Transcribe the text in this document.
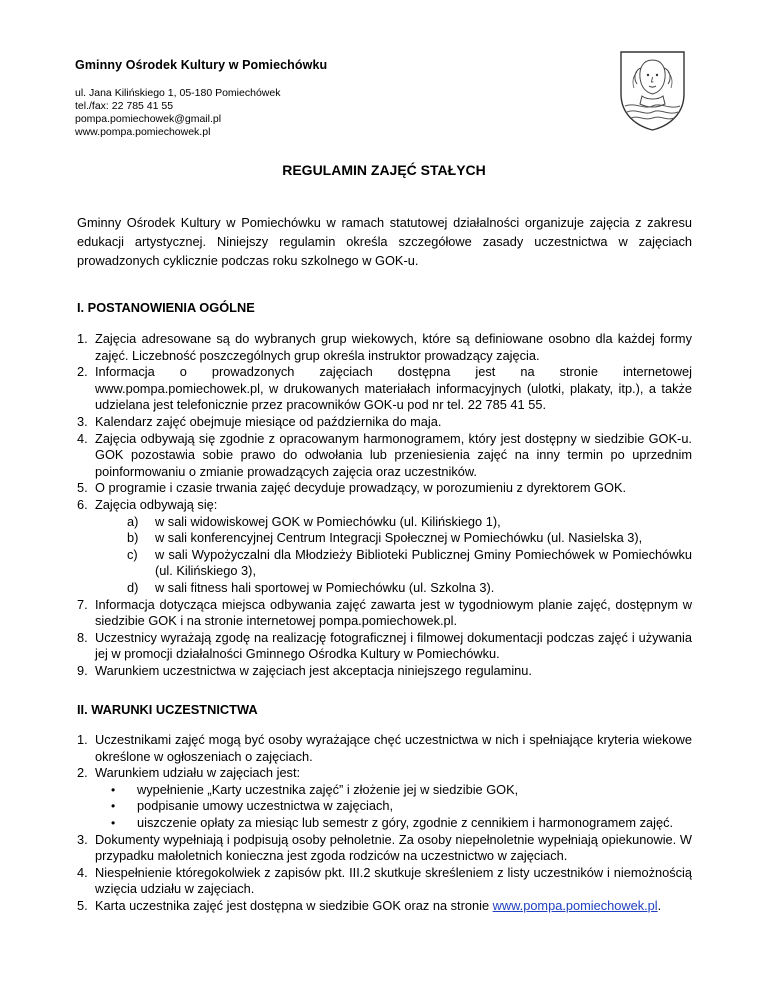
Gminny Ośrodek Kultury w Pomiechówku
ul. Jana Kilińskiego 1, 05-180 Pomiechówek
tel./fax: 22 785 41 55
pompa.pomiechowek@gmail.pl
www.pompa.pomiechowek.pl
REGULAMIN ZAJĘĆ STAŁYCH
Gminny Ośrodek Kultury w Pomiechówku w ramach statutowej działalności organizuje zajęcia z zakresu edukacji artystycznej. Niniejszy regulamin określa szczegółowe zasady uczestnictwa w zajęciach prowadzonych cyklicznie podczas roku szkolnego w GOK-u.
I. POSTANOWIENIA OGÓLNE
1. Zajęcia adresowane są do wybranych grup wiekowych, które są definiowane osobno dla każdej formy zajęć. Liczebność poszczególnych grup określa instruktor prowadzący zajęcia.
2. Informacja o prowadzonych zajęciach dostępna jest na stronie internetowej www.pompa.pomiechowek.pl, w drukowanych materiałach informacyjnych (ulotki, plakaty, itp.), a także udzielana jest telefonicznie przez pracowników GOK-u pod nr tel. 22 785 41 55.
3. Kalendarz zajęć obejmuje miesiące od października do maja.
4. Zajęcia odbywają się zgodnie z opracowanym harmonogramem, który jest dostępny w siedzibie GOK-u. GOK pozostawia sobie prawo do odwołania lub przeniesienia zajęć na inny termin po uprzednim poinformowaniu o zmianie prowadzących zajęcia oraz uczestników.
5. O programie i czasie trwania zajęć decyduje prowadzący, w porozumieniu z dyrektorem GOK.
6. Zajęcia odbywają się:
a) w sali widowiskowej GOK w Pomiechówku (ul. Kilińskiego 1),
b) w sali konferencyjnej Centrum Integracji Społecznej w Pomiechówku (ul. Nasielska 3),
c) w sali Wypożyczalni dla Młodzieży Biblioteki Publicznej Gminy Pomiechówek w Pomiechówku (ul. Kilińskiego 3),
d) w sali fitness hali sportowej w Pomiechówku (ul. Szkolna 3).
7. Informacja dotycząca miejsca odbywania zajęć zawarta jest w tygodniowym planie zajęć, dostępnym w siedzibie GOK i na stronie internetowej pompa.pomiechowek.pl.
8. Uczestnicy wyrażają zgodę na realizację fotograficznej i filmowej dokumentacji podczas zajęć i używania jej w promocji działalności Gminnego Ośrodka Kultury w Pomiechówku.
9. Warunkiem uczestnictwa w zajęciach jest akceptacja niniejszego regulaminu.
II. WARUNKI UCZESTNICTWA
1. Uczestnikami zajęć mogą być osoby wyrażające chęć uczestnictwa w nich i spełniające kryteria wiekowe określone w ogłoszeniach o zajęciach.
2. Warunkiem udziału w zajęciach jest:
• wypełnienie „Karty uczestnika zajęć” i złożenie jej w siedzibie GOK,
• podpisanie umowy uczestnictwa w zajęciach,
• uiszczenie opłaty za miesiąc lub semestr z góry, zgodnie z cennikiem i harmonogramem zajęć.
3. Dokumenty wypełniają i podpisują osoby pełnoletnie. Za osoby niepełnoletnie wypełniają opiekunowie. W przypadku małoletnich konieczna jest zgoda rodziców na uczestnictwo w zajęciach.
4. Niespełnienie któregokolwiek z zapisów pkt. III.2 skutkuje skreśleniem z listy uczestników i niemożnością wzięcia udziału w zajęciach.
5. Karta uczestnika zajęć jest dostępna w siedzibie GOK oraz na stronie www.pompa.pomiechowek.pl.
